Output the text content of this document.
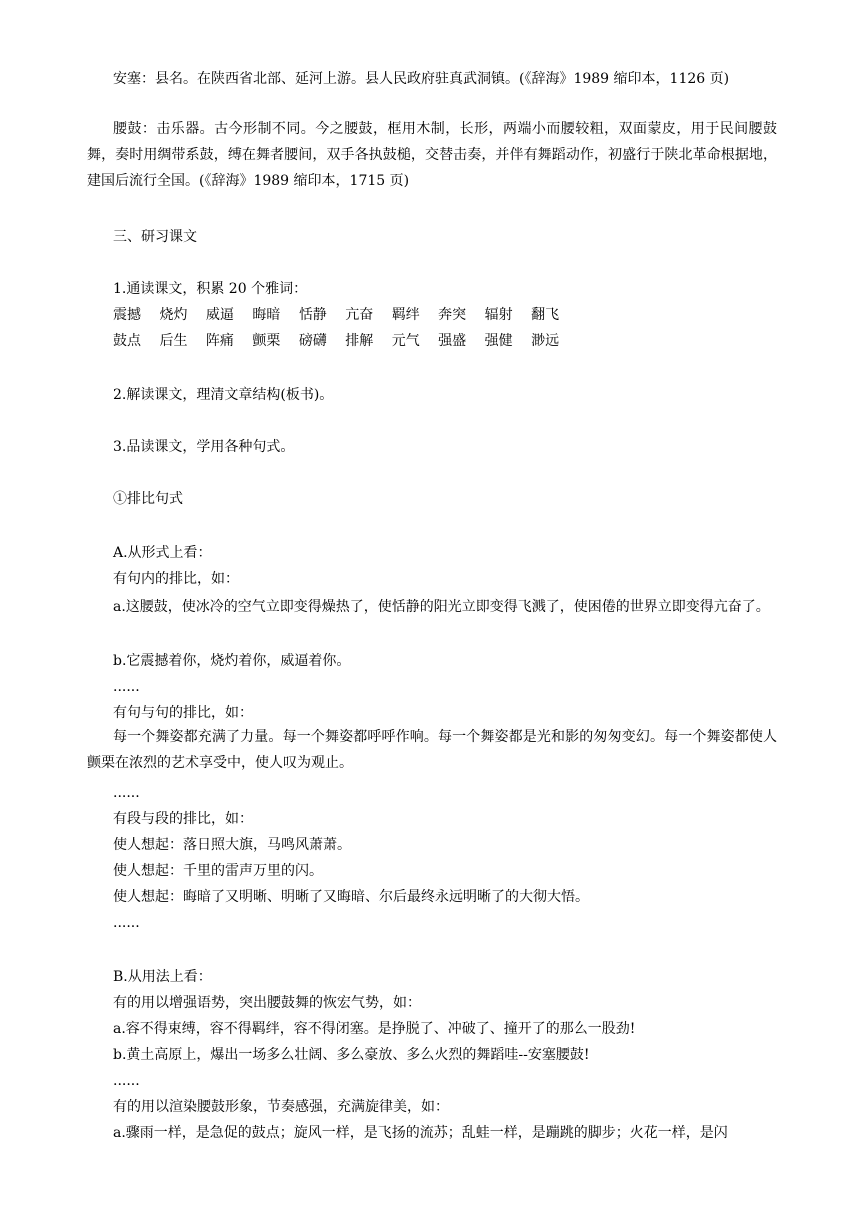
安塞：县名。在陕西省北部、延河上游。县人民政府驻真武洞镇。(《辞海》1989 缩印本，1126 页)
腰鼓：击乐器。古今形制不同。今之腰鼓，框用木制，长形，两端小而腰较粗，双面蒙皮，用于民间腰鼓舞，奏时用绸带系鼓，缚在舞者腰间，双手各执鼓槌，交替击奏，并伴有舞蹈动作，初盛行于陕北革命根据地，建国后流行全国。(《辞海》1989 缩印本，1715 页)
三、研习课文
1.通读课文，积累 20 个雅词：
震撼 烧灼 威逼 晦暗 恬静 亢奋 羁绊 奔突 辐射 翻飞
鼓点 后生 阵痛 颤栗 磅礴 排解 元气 强盛 强健 渺远
2.解读课文，理清文章结构(板书)。
3.品读课文，学用各种句式。
①排比句式
A.从形式上看：
有句内的排比，如：
a.这腰鼓，使冰冷的空气立即变得燥热了，使恬静的阳光立即变得飞溅了，使困倦的世界立即变得亢奋了。
b.它震撼着你，烧灼着你，威逼着你。
......
有句与句的排比，如：
每一个舞姿都充满了力量。每一个舞姿都呼呼作响。每一个舞姿都是光和影的匆匆变幻。每一个舞姿都使人颤栗在浓烈的艺术享受中，使人叹为观止。
......
有段与段的排比，如：
使人想起：落日照大旗，马鸣风萧萧。
使人想起：千里的雷声万里的闪。
使人想起：晦暗了又明晰、明晰了又晦暗、尔后最终永远明晰了的大彻大悟。
......
B.从用法上看：
有的用以增强语势，突出腰鼓舞的恢宏气势，如：
a.容不得束缚，容不得羁绊，容不得闭塞。是挣脱了、冲破了、撞开了的那么一股劲!
b.黄土高原上，爆出一场多么壮阔、多么豪放、多么火烈的舞蹈哇--安塞腰鼓!
......
有的用以渲染腰鼓形象，节奏感强，充满旋律美，如：
a.骤雨一样，是急促的鼓点；旋风一样，是飞扬的流苏；乱蛙一样，是蹦跳的脚步；火花一样，是闪
